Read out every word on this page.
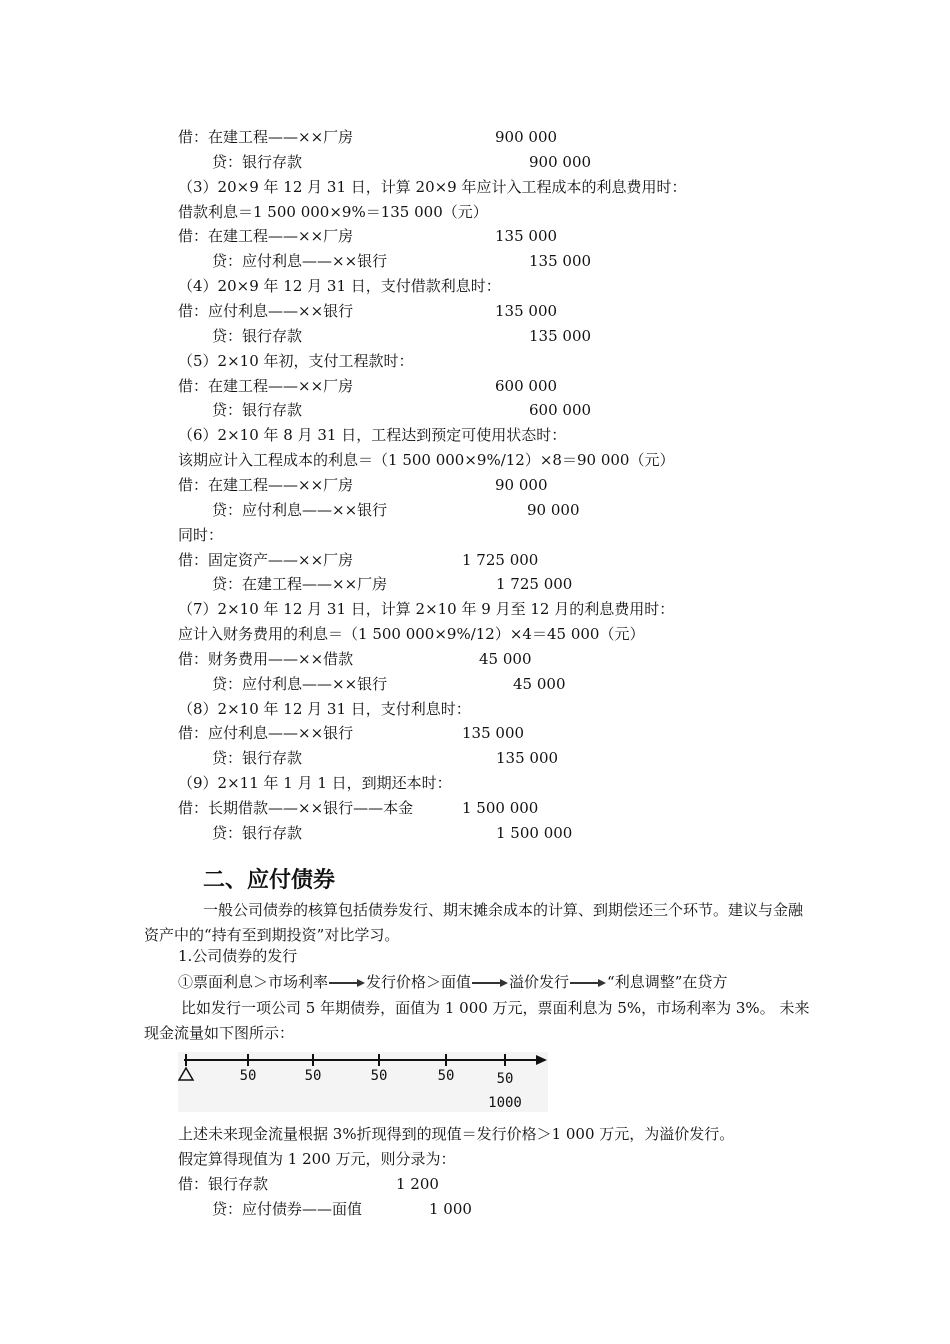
借：在建工程——××厂房	900 000
贷：银行存款	900 000
（3）20×9 年 12 月 31 日，计算 20×9 年应计入工程成本的利息费用时：
借款利息＝1 500 000×9%＝135 000（元）
借：在建工程——××厂房	135 000
贷：应付利息——××银行	135 000
（4）20×9 年 12 月 31 日，支付借款利息时：
借：应付利息——××银行	135 000
贷：银行存款	135 000
（5）2×10 年初，支付工程款时：
借：在建工程——××厂房	600 000
贷：银行存款	600 000
（6）2×10 年 8 月 31 日，工程达到预定可使用状态时：
该期应计入工程成本的利息＝（1 500 000×9%/12）×8＝90 000（元）
借：在建工程——××厂房	90 000
贷：应付利息——××银行	90 000
同时：
借：固定资产——××厂房	1 725 000
贷：在建工程——××厂房	1 725 000
（7）2×10 年 12 月 31 日，计算 2×10 年 9 月至 12 月的利息费用时：
应计入财务费用的利息＝（1 500 000×9%/12）×4＝45 000（元）
借：财务费用——××借款	45 000
贷：应付利息——××银行	45 000
（8）2×10 年 12 月 31 日，支付利息时：
借：应付利息——××银行	135 000
贷：银行存款	135 000
（9）2×11 年 1 月 1 日，到期还本时：
借：长期借款——××银行——本金	1 500 000
贷：银行存款	1 500 000
二、应付债券
一般公司债券的核算包括债券发行、期末摊余成本的计算、到期偿还三个环节。建议与金融资产中的“持有至到期投资”对比学习。
1.公司债券的发行
①票面利息＞市场利率	发行价格＞面值	溢价发行	“利息调整”在贷方
比如发行一项公司 5 年期债券，面值为 1 000 万元，票面利息为 5%，市场利率为 3%。 未来现金流量如下图所示：
50	50	50	50	50
1000
上述未来现金流量根据 3%折现得到的现值＝发行价格＞1 000 万元，为溢价发行。
假定算得现值为 1 200 万元，则分录为：
借：银行存款	1 200
贷：应付债券——面值	1 000
